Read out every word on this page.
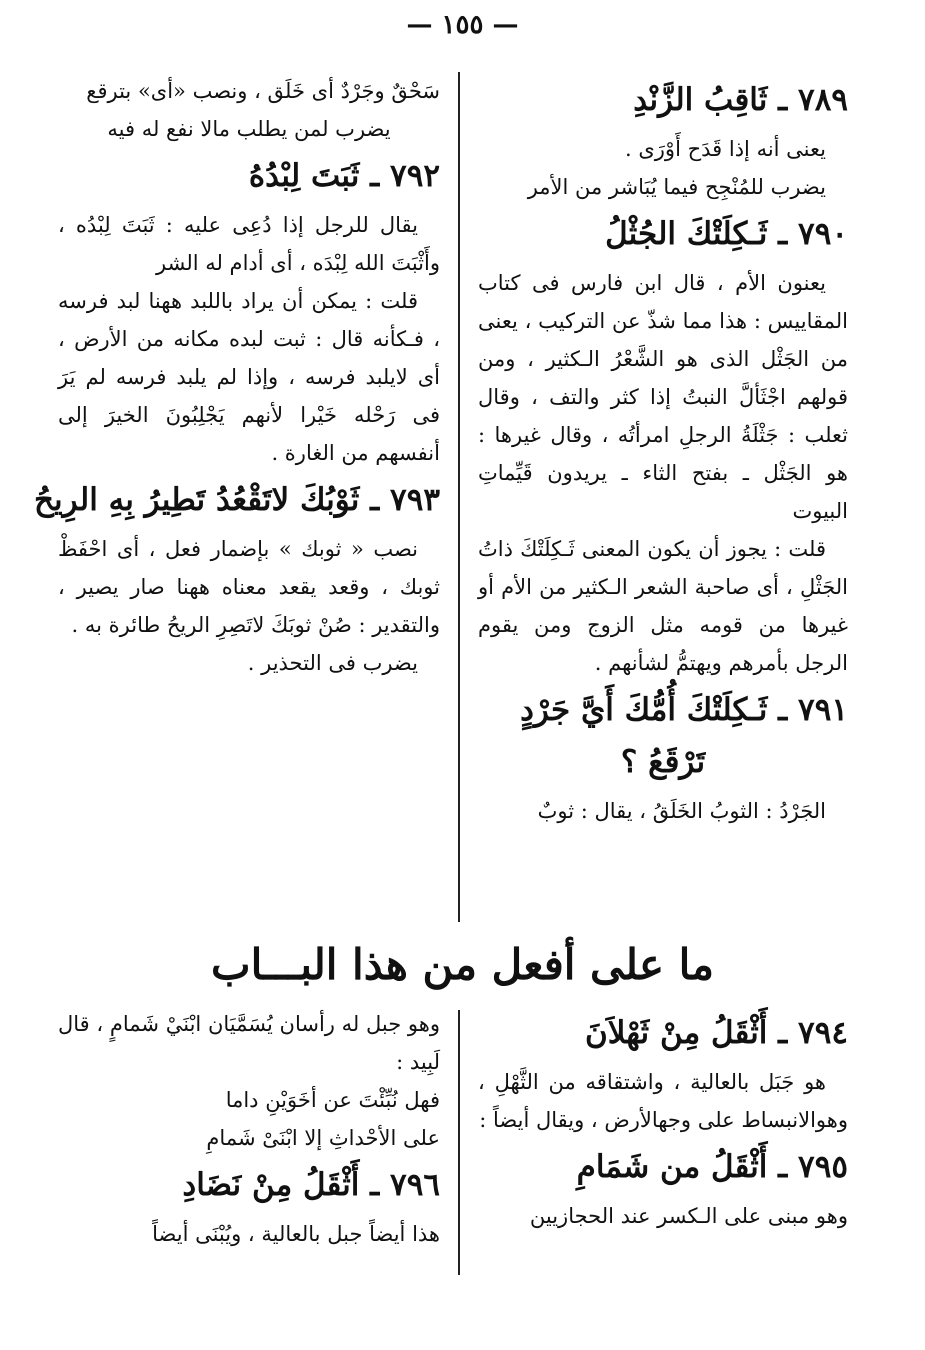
— ١٥٥ —
٧٨٩ ـ ثَاقِبُ الزَّنْدِ

يعنى أنه إذا قَدَح أَوْرَى .

يضرب للمُنْجِح فيما يُبَاشر من الأمر

٧٩٠ ـ ثَـكِلَتْكَ الجُثْلُ

يعنون الأم ، قال ابن فارس فى كتاب المقاييس : هذا مما شذّ عن التركيب ، يعنى من الجَثْل الذى هو الشَّعْرُ الـكثير ، ومن قولهم اجْثَألَّ النبتُ إذا كثر والتف ، وقال ثعلب : جَثْلَةُ الرجلِ امرأتُه ، وقال غيرها : هو الجَثْل ـ بفتح الثاء ـ يريدون قَيِّماتِ البيوت

قلت : يجوز أن يكون المعنى ثَـكِلَتْكَ ذاتُ الجَثْلِ ، أى صاحبة الشعر الـكثير من الأم أو غيرها من قومه مثل الزوج ومن يقوم الرجل بأمرهم ويهتمُّ لشأنهم .

٧٩١ ـ ثَـكِلَتْكَ أُمُّكَ أَيَّ جَرْدٍ
تَرْقَعُ ؟

الجَرْدُ : الثوبُ الخَلَقُ ، يقال : ثوبٌ

سَحْقٌ وجَرْدٌ أى خَلَق ، ونصب «أى» بترقع

يضرب لمن يطلب مالا نفع له فيه

٧٩٢ ـ ثَبَتَ لِبْدُهُ

يقال للرجل إذا دُعِى عليه : ثَبَتَ لِبْدُه ، وأَثْبَتَ الله لِبْدَه ، أى أدام له الشر

قلت : يمكن أن يراد باللبد ههنا لبد فرسه ، فـكأنه قال : ثبت لبده مكانه من الأرض ، أى لايلبد فرسه ، وإذا لم يلبد فرسه لم يَرَ فى رَحْله خَيْرا لأنهم يَجْلِبُونَ الخيرَ إلى أنفسهم من الغارة .

٧٩٣ ـ ثَوْبُكَ لاتَقْعُدُ تَطِيرُ بِهِ الرِيحُ

نصب « ثوبك » بإضمار فعل ، أى احْفَظْ ثوبك ، وقعد يقعد معناه ههنا صار يصير ، والتقدير : صُنْ ثوبَكَ لاتَصِرِ الريحُ طائرة به .

يضرب فى التحذير .

ما على أفعل من هذا البـــاب
٧٩٤ ـ أَثْقَلُ مِنْ ثَهْلاَنَ

هو جَبَل بالعالية ، واشتقاقه من الثَّهْلِ ، وهوالانبساط على وجهالأرض ، ويقال أيضاً :

٧٩٥ ـ أَثْقَلُ من شَمَامِ

وهو مبنى على الـكسر عند الحجازيين

وهو جبل له رأسان يُسَمَّيَان ابْنَيْ شَمامٍ ، قال لَبِيد :

فهل نُبِّئْتَ عن أخَوَيْنِ داما

على الأحْداثِ إلا ابْنَىْ شَمامِ

٧٩٦ ـ أَثْقَلُ مِنْ نَضَادِ

هذا أيضاً جبل بالعالية ، ويُبْنَى أيضاً
